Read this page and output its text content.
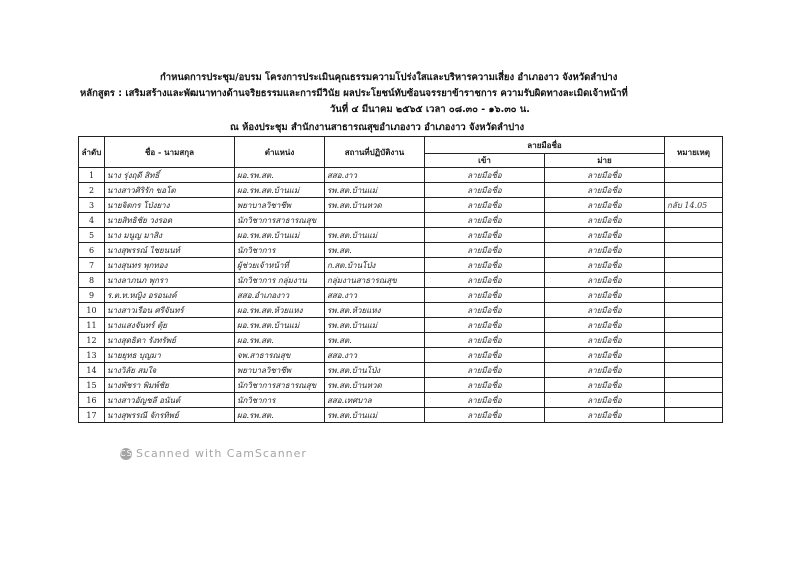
กำหนดการประชุม/อบรม โครงการประเมินคุณธรรมความโปร่งใสและบริหารความเสี่ยง อำเภองาว จังหวัดลำปาง
หลักสูตร : เสริมสร้างและพัฒนาทางด้านจริยธรรมและการมีวินัย ผลประโยชน์ทับซ้อนจรรยาข้าราชการ ความรับผิดทางละเมิดเจ้าหน้าที่
วันที่ ๔ มีนาคม ๒๕๖๕ เวลา ๐๘.๓๐ - ๑๖.๓๐ น.
ณ ห้องประชุม สำนักงานสาธารณสุขอำเภองาว อำเภองาว จังหวัดลำปาง
ลำดับ	ชื่อ - นามสกุล	ตำแหน่ง	สถานที่ปฏิบัติงาน	ลายมือชื่อ		หมายเหตุ
				เข้า	ม่าย	
1	นาง รุ่งฤดี สิทธิ์	ผอ.รพ.สต.	สสอ.งาว	ลายมือชื่อ	ลายมือชื่อ	
2	นางสาวศิริรัก ขอโต	ผอ.รพ.สต.บ้านแม่	รพ.สต.บ้านแม่	ลายมือชื่อ	ลายมือชื่อ	
3	นายจิตกร โป่งยาง	พยาบาลวิชาชีพ	รพ.สต.บ้านหวด	ลายมือชื่อ	ลายมือชื่อ	กลับ 14.05
4	นายสิทธิชัย วงรอด	นักวิชาการสาธารณสุข		ลายมือชื่อ	ลายมือชื่อ	
5	นาง มนูญ มาสิง	ผอ.รพ.สต.บ้านแม่	รพ.สต.บ้านแม่	ลายมือชื่อ	ลายมือชื่อ	
6	นางสุพรรณ์ ไชยนนท์	นักวิชาการ	รพ.สต.	ลายมือชื่อ	ลายมือชื่อ	
7	นางสุนทร พุกทอง	ผู้ช่วยเจ้าหน้าที่	ก.สต.บ้านโป่ง	ลายมือชื่อ	ลายมือชื่อ	
8	นางลาภนภ พุกรา	นักวิชาการ กลุ่มงาน	กลุ่มงานสาธารณสุข	ลายมือชื่อ	ลายมือชื่อ	
9	ร.ต.ท.หญิง อรอนงค์	สสอ.อำเภองาว	สสอ.งาว	ลายมือชื่อ	ลายมือชื่อ	
10	นางสาวเรือน ศรีจันทร์	ผอ.รพ.สต.ห้วยแหง	รพ.สต.ห้วยแหง	ลายมือชื่อ	ลายมือชื่อ	
11	นางแสงจันทร์ ตุ้ย	ผอ.รพ.สต.บ้านแม่	รพ.สต.บ้านแม่	ลายมือชื่อ	ลายมือชื่อ	
12	นางสุดธิดา รังทรัพย์	ผอ.รพ.สต.	รพ.สต.	ลายมือชื่อ	ลายมือชื่อ	
13	นายยุทธ บุญมา	จพ.สาธารณสุข	สสอ.งาว	ลายมือชื่อ	ลายมือชื่อ	
14	นางวิลัย สมใจ	พยาบาลวิชาชีพ	รพ.สต.บ้านโป่ง	ลายมือชื่อ	ลายมือชื่อ	
15	นางพัชรา พิมพ์ชัย	นักวิชาการสาธารณสุข	รพ.สต.บ้านหวด	ลายมือชื่อ	ลายมือชื่อ	
16	นางสาวอัญชลี อนันต์	นักวิชาการ	สสอ.เทศบาล	ลายมือชื่อ	ลายมือชื่อ	
17	นางสุพรรณี จักรทิพย์	ผอ.รพ.สต.	รพ.สต.บ้านแม่	ลายมือชื่อ	ลายมือชื่อ	
CS Scanned with CamScanner
